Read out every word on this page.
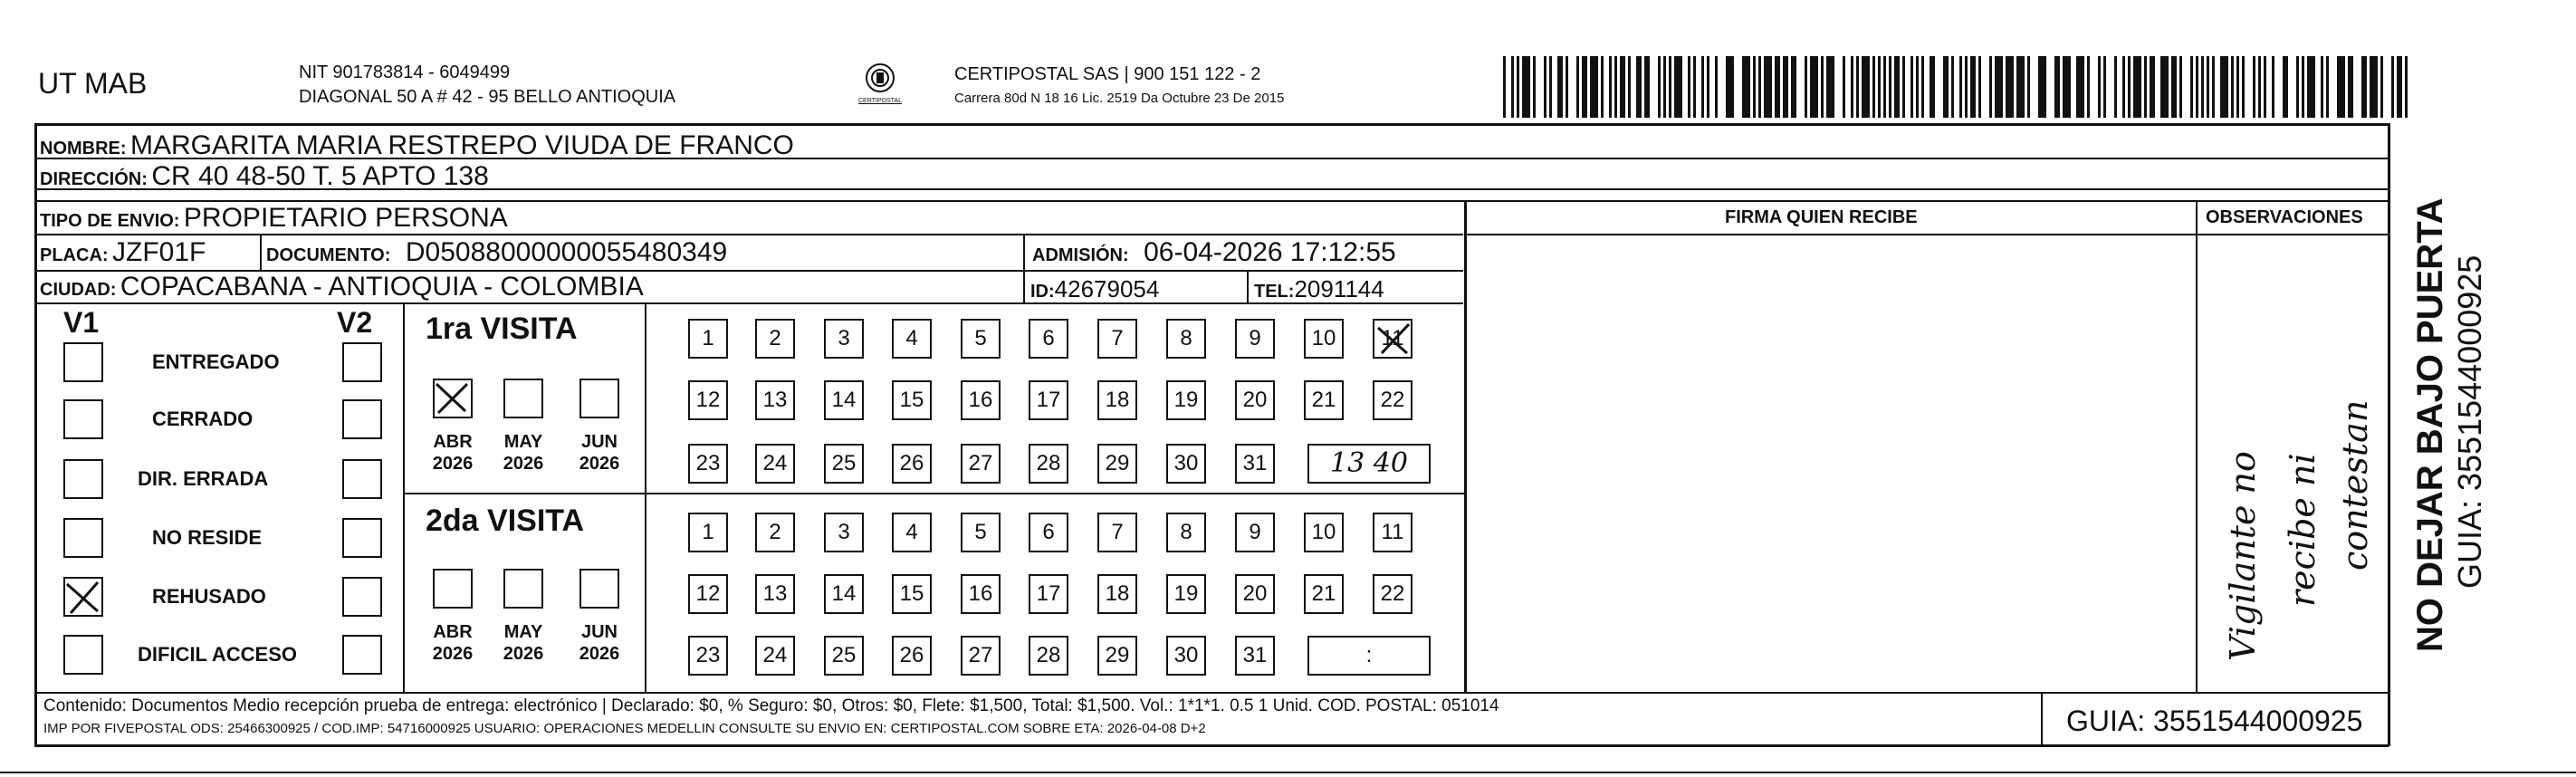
UT MAB	NIT 901783814 - 6049499
DIAGONAL 50 A # 42 - 95 BELLO ANTIOQUIA	CERTIPOSTAL
CERTIPOSTAL SAS | 900 151 122 - 2
Carrera 80d N 18 16 Lic. 2519 Da Octubre 23 De 2015
NOMBRE: MARGARITA MARIA RESTREPO VIUDA DE FRANCO
DIRECCIÓN: CR 40 48-50 T. 5 APTO 138
TIPO DE ENVIO: PROPIETARIO PERSONA	FIRMA QUIEN RECIBE	OBSERVACIONES
PLACA: JZF01F	DOCUMENTO: D05088000000055480349	ADMISIÓN: 06-04-2026 17:12:55
CIUDAD: COPACABANA - ANTIOQUIA - COLOMBIA	ID:42679054	TEL:2091144
V1	V2
ENTREGADO
CERRADO
DIR. ERRADA
NO RESIDE
REHUSADO
DIFICIL ACCESO
1ra VISITA
2da VISITA
ABR
2026
MAY
2026
JUN
2026
ABR
2026
MAY
2026
JUN
2026
1	2	3	4	5	6	7	8	9	10	11
12	13	14	15	16	17	18	19	20	21	22
23	24	25	26	27	28	29	30	31	13 40
1	2	3	4	5	6	7	8	9	10	11
12	13	14	15	16	17	18	19	20	21	22
23	24	25	26	27	28	29	30	31	:	Vigilante no recibe ni contestan NO DEJAR BAJO PUERTA GUIA: 3551544000925
Contenido: Documentos Medio recepción prueba de entrega: electrónico | Declarado: $0, % Seguro: $0, Otros: $0, Flete: $1,500, Total: $1,500. Vol.: 1*1*1. 0.5 1 Unid. COD. POSTAL: 051014
IMP POR FIVEPOSTAL ODS: 25466300925 / COD.IMP: 54716000925 USUARIO: OPERACIONES MEDELLIN CONSULTE SU ENVIO EN: CERTIPOSTAL.COM SOBRE ETA: 2026-04-08 D+2	GUIA: 3551544000925
